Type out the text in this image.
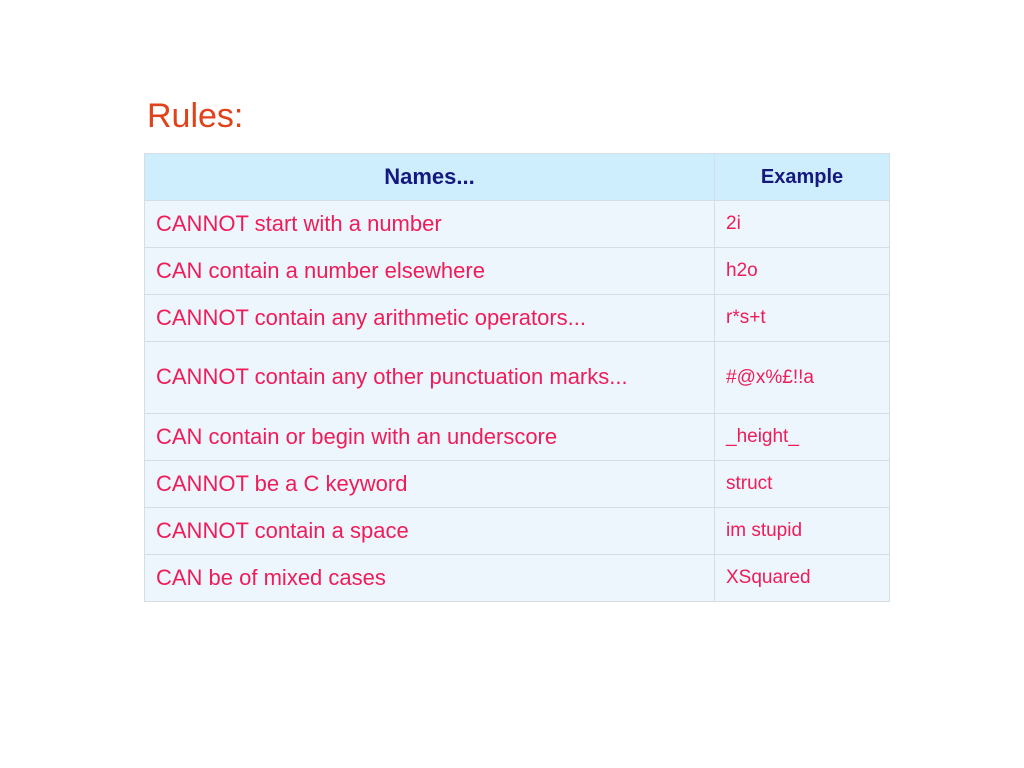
Rules:
Names...	Example
CANNOT start with a number	2i
CAN contain a number elsewhere	h2o
CANNOT contain any arithmetic operators...	r*s+t
CANNOT contain any other punctuation marks...	#@x%£!!a
CAN contain or begin with an underscore	_height_
CANNOT be a C keyword	struct
CANNOT contain a space	im stupid
CAN be of mixed cases	XSquared
